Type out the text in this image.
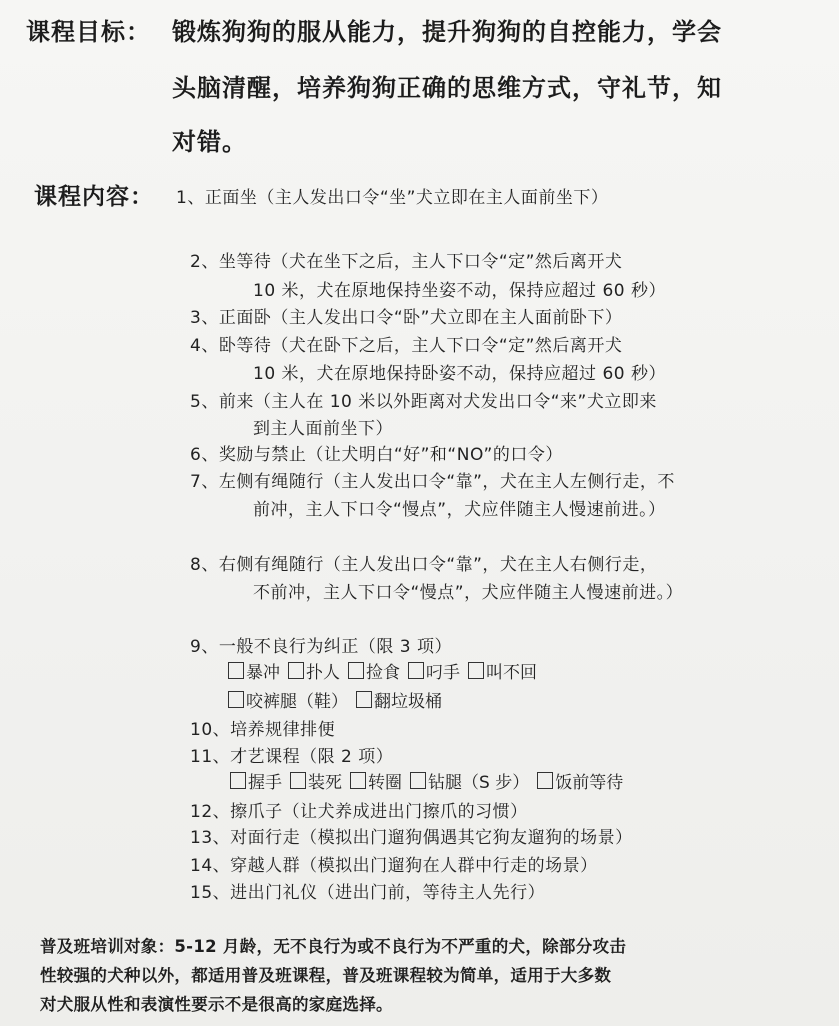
课程目标： 锻炼狗狗的服从能力，提升狗狗的自控能力，学会
头脑清醒，培养狗狗正确的思维方式，守礼节，知
对错。
课程内容： 1、正面坐（主人发出口令“坐”犬立即在主人面前坐下）
2、坐等待（犬在坐下之后，主人下口令“定”然后离开犬
10 米，犬在原地保持坐姿不动，保持应超过 60 秒）
3、正面卧（主人发出口令“卧”犬立即在主人面前卧下）
4、卧等待（犬在卧下之后，主人下口令“定”然后离开犬
10 米，犬在原地保持卧姿不动，保持应超过 60 秒）
5、前来（主人在 10 米以外距离对犬发出口令“来”犬立即来
到主人面前坐下）
6、奖励与禁止（让犬明白“好”和“NO”的口令）
7、左侧有绳随行（主人发出口令“靠”，犬在主人左侧行走，不
前冲，主人下口令“慢点”，犬应伴随主人慢速前进。）
8、右侧有绳随行（主人发出口令“靠”，犬在主人右侧行走，
不前冲，主人下口令“慢点”，犬应伴随主人慢速前进。）
9、一般不良行为纠正（限 3 项）
暴冲 扑人 捡食 叼手 叫不回
咬裤腿（鞋） 翻垃圾桶
10、培养规律排便
11、才艺课程（限 2 项）
握手 装死 转圈 钻腿（S 步） 饭前等待
12、擦爪子（让犬养成进出门擦爪的习惯）
13、对面行走（模拟出门遛狗偶遇其它狗友遛狗的场景）
14、穿越人群（模拟出门遛狗在人群中行走的场景）
15、进出门礼仪（进出门前，等待主人先行）
普及班培训对象：5-12 月龄，无不良行为或不良行为不严重的犬，除部分攻击
性较强的犬种以外，都适用普及班课程，普及班课程较为简单，适用于大多数
对犬服从性和表演性要示不是很高的家庭选择。
